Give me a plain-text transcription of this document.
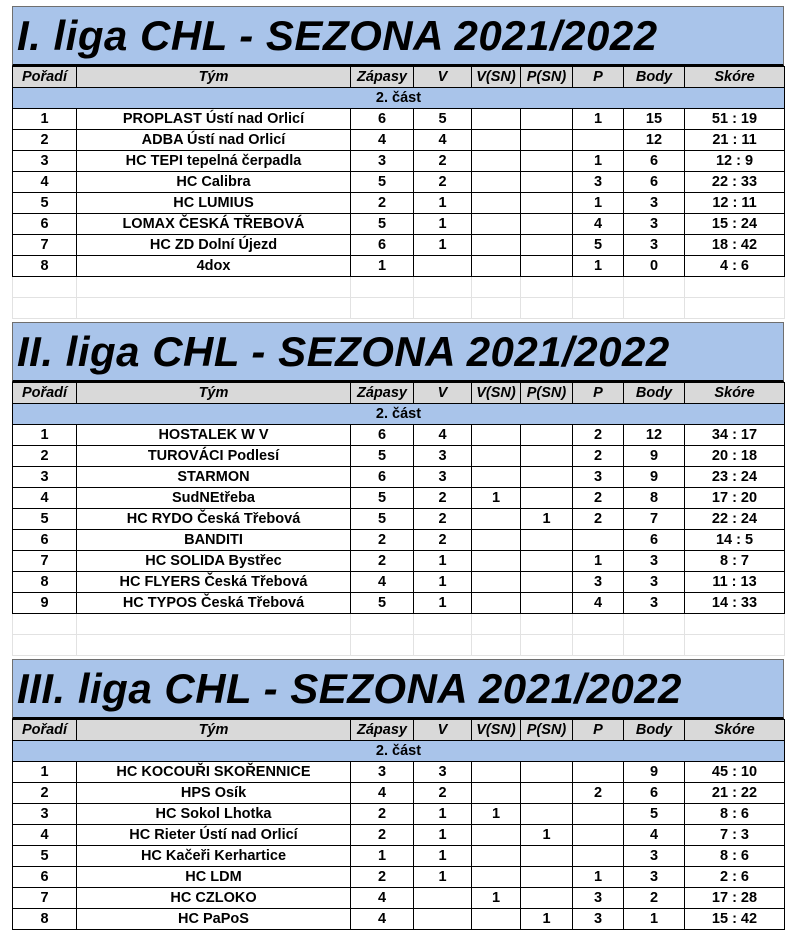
I. liga CHL - SEZONA 2021/2022
Pořadí	Tým	Zápasy	V	V(SN)	P(SN)	P	Body	Skóre
2. část								
1	PROPLAST Ústí nad Orlicí	6	5			1	15	51 : 19
2	ADBA Ústí nad Orlicí	4	4				12	21 : 11
3	HC TEPI tepelná čerpadla	3	2			1	6	12 : 9
4	HC Calibra	5	2			3	6	22 : 33
5	HC LUMIUS	2	1			1	3	12 : 11
6	LOMAX ČESKÁ TŘEBOVÁ	5	1			4	3	15 : 24
7	HC ZD Dolní Újezd	6	1			5	3	18 : 42
8	4dox	1				1	0	4 : 6

II. liga CHL - SEZONA 2021/2022
Pořadí	Tým	Zápasy	V	V(SN)	P(SN)	P	Body	Skóre
2. část								
1	HOSTALEK W V	6	4			2	12	34 : 17
2	TUROVÁCI Podlesí	5	3			2	9	20 : 18
3	STARMON	6	3			3	9	23 : 24
4	SudNEtřeba	5	2	1		2	8	17 : 20
5	HC RYDO Česká Třebová	5	2		1	2	7	22 : 24
6	BANDITI	2	2				6	14 : 5
7	HC SOLIDA Bystřec	2	1			1	3	8 : 7
8	HC FLYERS Česká Třebová	4	1			3	3	11 : 13
9	HC TYPOS Česká Třebová	5	1			4	3	14 : 33

III. liga CHL - SEZONA 2021/2022
Pořadí	Tým	Zápasy	V	V(SN)	P(SN)	P	Body	Skóre
2. část								
1	HC KOCOUŘI SKOŘENNICE	3	3				9	45 : 10
2	HPS Osík	4	2			2	6	21 : 22
3	HC Sokol Lhotka	2	1	1			5	8 : 6
4	HC Rieter Ústí nad Orlicí	2	1		1		4	7 : 3
5	HC Kačeři Kerhartice	1	1				3	8 : 6
6	HC LDM	2	1			1	3	2 : 6
7	HC CZLOKO	4		1		3	2	17 : 28
8	HC PaPoS	4			1	3	1	15 : 42
